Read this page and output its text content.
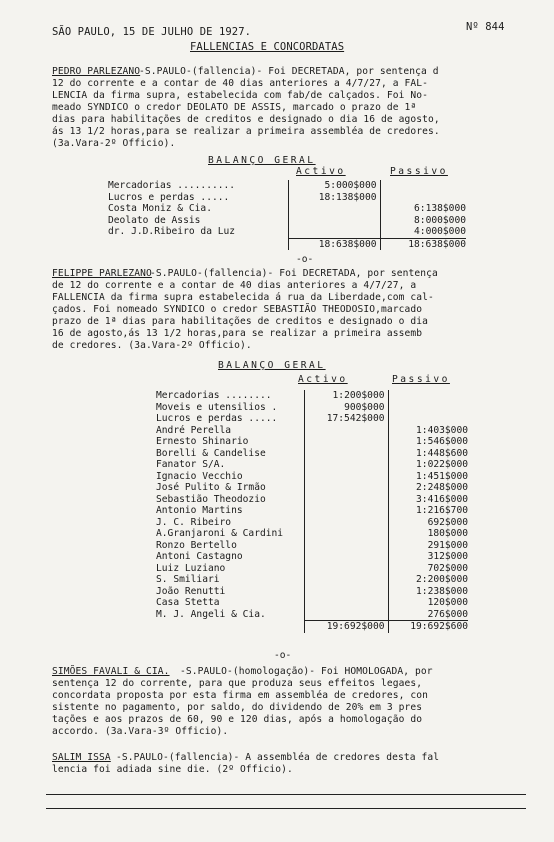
SÃO PAULO, 15 DE JULHO DE 1927.	Nº 844
FALLENCIAS E CONCORDATAS
PEDRO PARLEZANO
-S.PAULO-(fallencia)- Foi DECRETADA, por sentença d
12 do corrente e a contar de 40 dias anteriores a 4/7/27, a FAL-
LENCIA da firma supra, estabelecida com fab/de calçados. Foi No-
meado SYNDICO o credor DEOLATO DE ASSIS, marcado o prazo de 1ª
dias para habilitações de creditos e designado o dia 16 de agosto,
ás 13 1/2 horas,para se realizar a primeira assembléa de credores.
(3a.Vara-2º Officio).
BALANÇO GERAL
Activo	Passivo
Mercadorias ..........	5:000$000	
Lucros e perdas .....	18:138$000	
Costa Moniz & Cia.		6:138$000
Deolato de Assis		8:000$000
dr. J.D.Ribeiro da Luz		4:000$000
	18:638$000	18:638$000
-o-
FELIPPE PARLEZANO
-S.PAULO-(fallencia)- Foi DECRETADA, por sentença
de 12 do corrente e a contar de 40 dias anteriores a 4/7/27, a
FALLENCIA da firma supra estabelecida á rua da Liberdade,com cal-
çados. Foi nomeado SYNDICO o credor SEBASTIÃO THEODOSIO,marcado
prazo de 1ª dias para habilitações de creditos e designado o dia
16 de agosto,ás 13 1/2 horas,para se realizar a primeira assemb
de credores. (3a.Vara-2º Officio).
BALANÇO GERAL
Activo	Passivo
Mercadorias ........	1:200$000	
Moveis e utensilios .	900$000	
Lucros e perdas .....	17:542$000	
André Perella		1:403$000
Ernesto Shinario		1:546$000
Borelli & Candelise		1:448$600
Fanator S/A.		1:022$000
Ignacio Vecchio		1:451$000
José Pulito & Irmão		2:248$000
Sebastião Theodozio		3:416$000
Antonio Martins		1:216$700
J. C. Ribeiro		692$000
A.Granjaroni & Cardini		180$000
Ronzo Bertello		291$000
Antoni Castagno		312$000
Luiz Luziano		702$000
S. Smiliari		2:200$000
João Renutti		1:238$000
Casa Stetta		120$000
M. J. Angeli & Cia.		276$000
	19:692$000	19:692$600
-o-
SIMÕES FAVALI & CIA. -S.PAULO-(homologação)- Foi HOMOLOGADA, por
sentença 12 do corrente, para que produza seus effeitos legaes,
concordata proposta por esta firma em assembléa de credores, con
sistente no pagamento, por saldo, do dividendo de 20% em 3 pres
tações e aos prazos de 60, 90 e 120 dias, após a homologação do
accordo. (3a.Vara-3º Officio).
SALIM ISSA -S.PAULO-(fallencia)- A assembléa de credores desta fal
lencia foi adiada sine die. (2º Officio).
